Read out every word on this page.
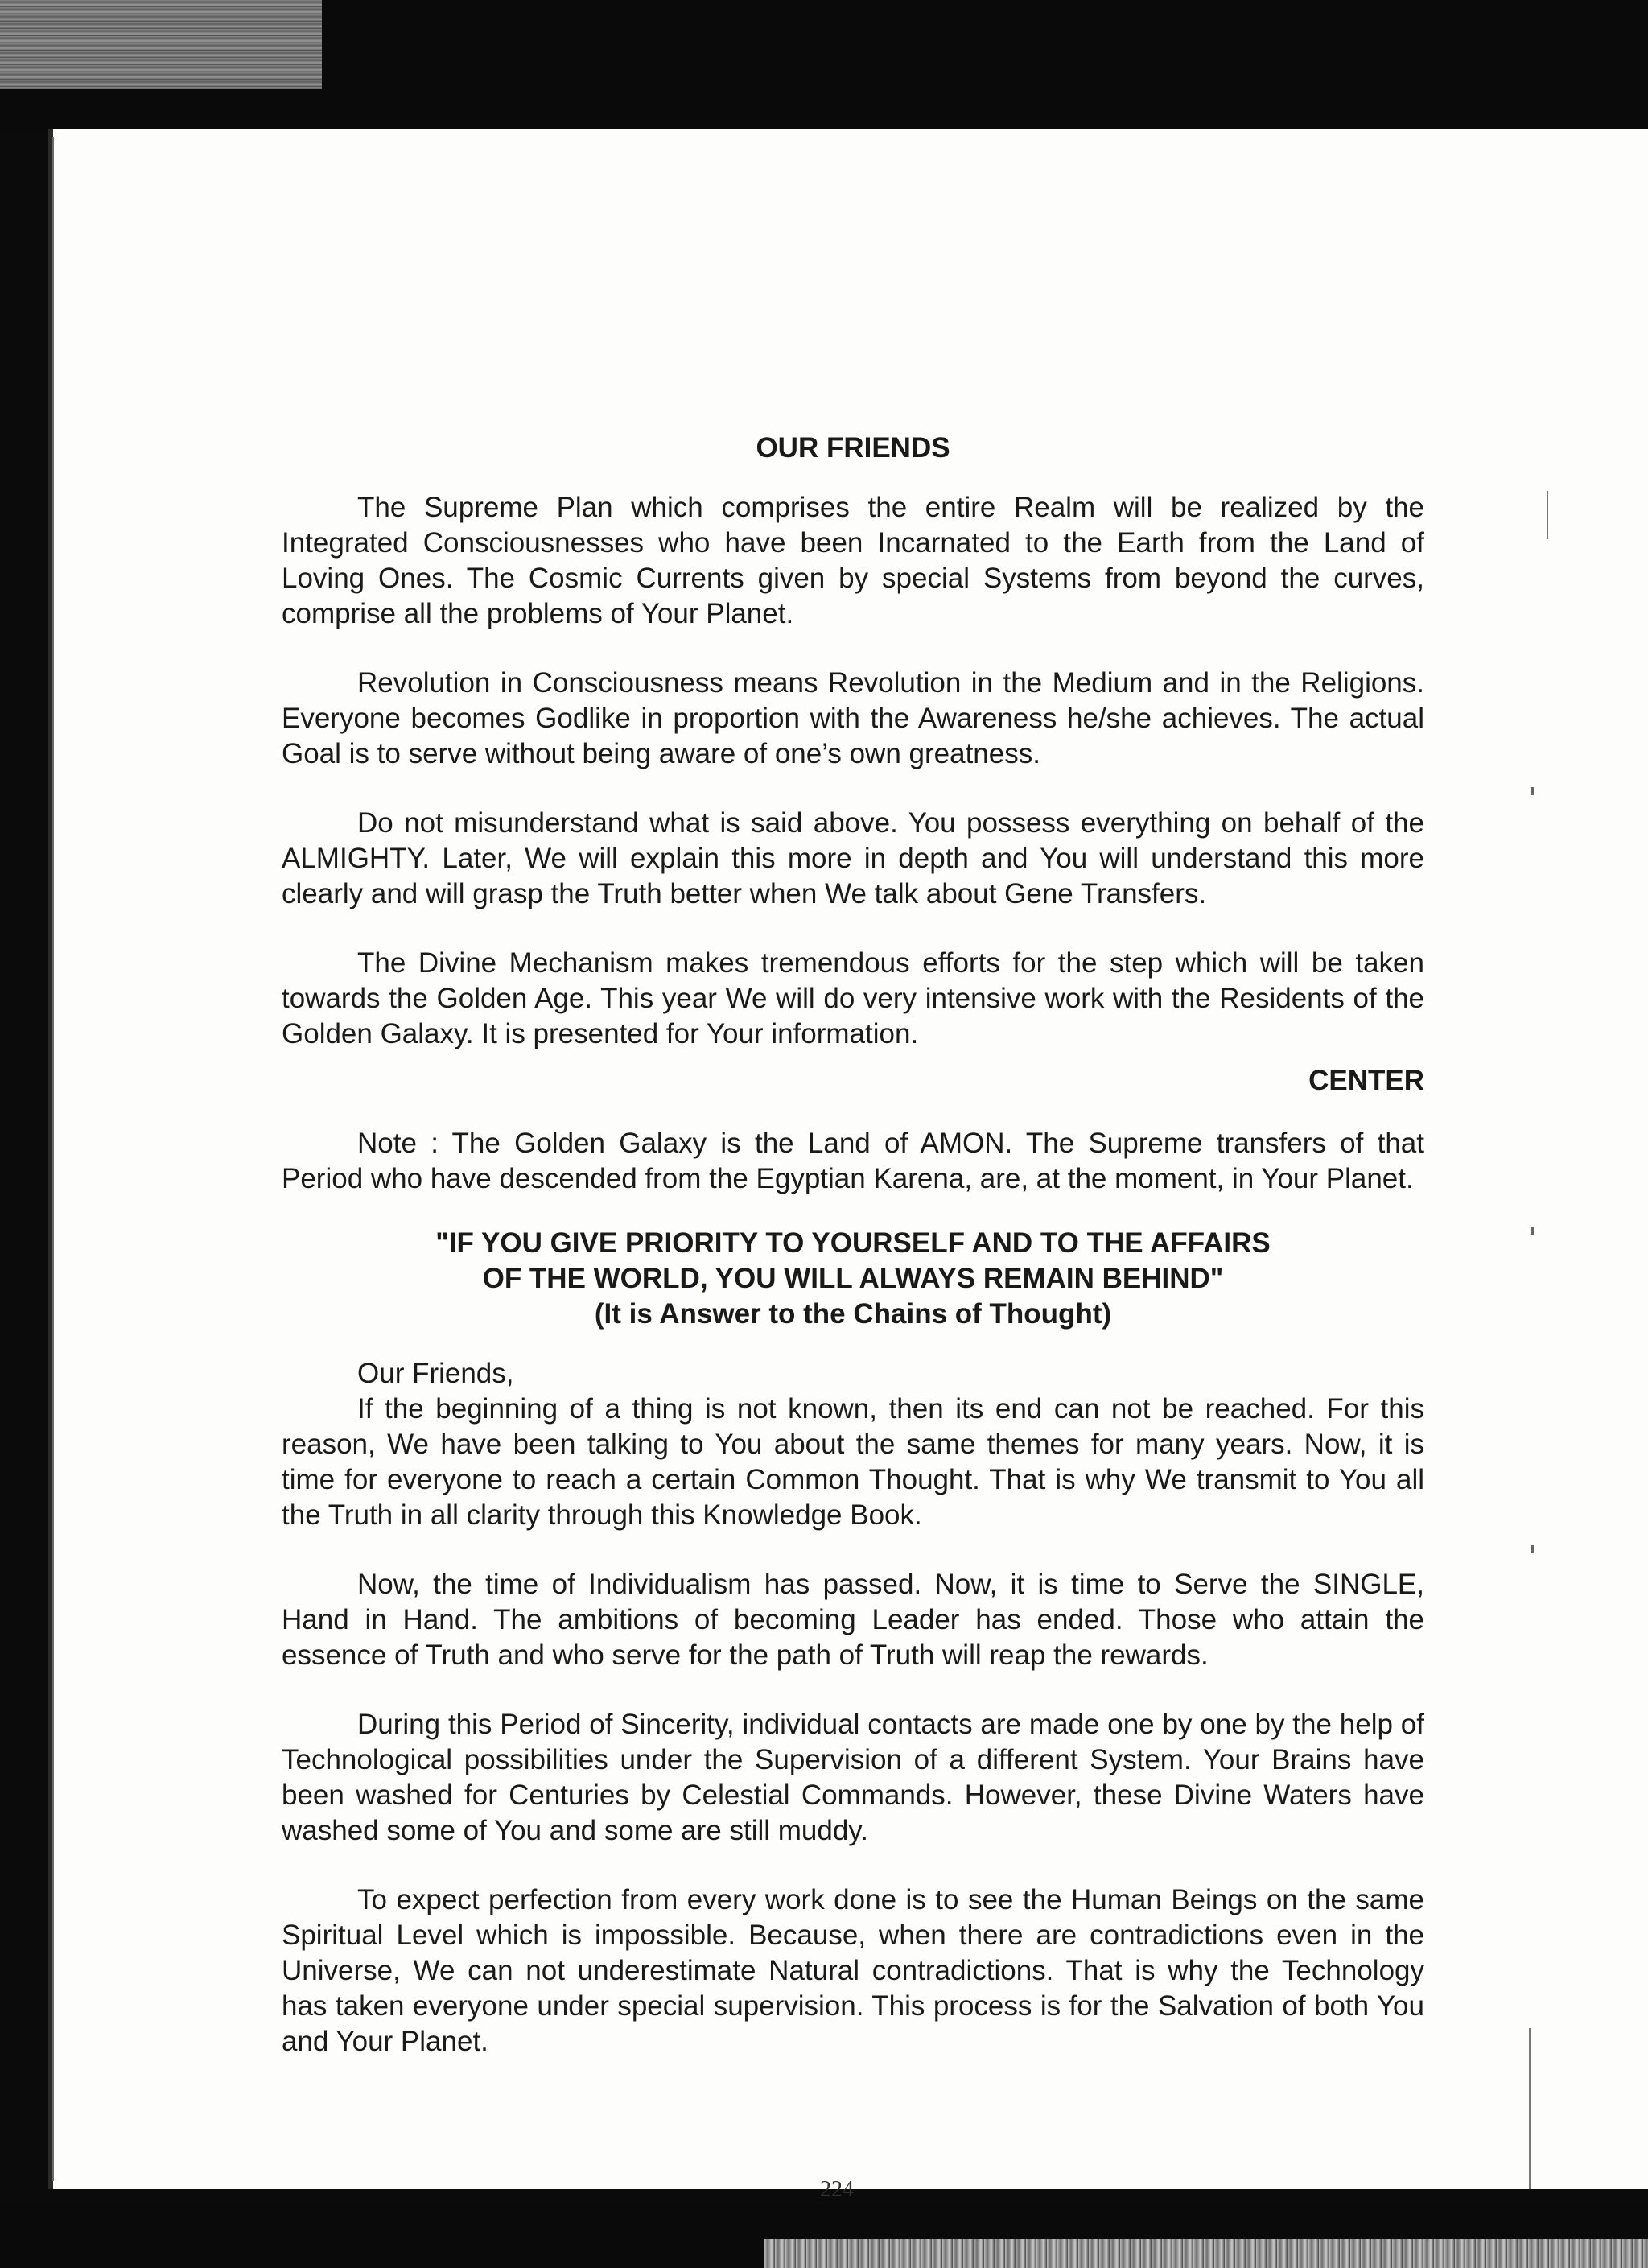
OUR FRIENDS

The Supreme Plan which comprises the entire Realm will be realized by the Integrated Consciousnesses who have been Incarnated to the Earth from the Land of Loving Ones. The Cosmic Currents given by special Systems from beyond the curves, comprise all the problems of Your Planet.

Revolution in Consciousness means Revolution in the Medium and in the Religions. Everyone becomes Godlike in proportion with the Awareness he/she achieves. The actual Goal is to serve without being aware of one’s own greatness.

Do not misunderstand what is said above. You possess everything on behalf of the ALMIGHTY. Later, We will explain this more in depth and You will understand this more clearly and will grasp the Truth better when We talk about Gene Transfers.

The Divine Mechanism makes tremendous efforts for the step which will be taken towards the Golden Age. This year We will do very intensive work with the Residents of the Golden Galaxy. It is presented for Your information.

CENTER

Note : The Golden Galaxy is the Land of AMON. The Supreme transfers of that Period who have descended from the Egyptian Karena, are, at the moment, in Your Planet.

"IF YOU GIVE PRIORITY TO YOURSELF AND TO THE AFFAIRS
OF THE WORLD, YOU WILL ALWAYS REMAIN BEHIND"
(It is Answer to the Chains of Thought)

Our Friends,

If the beginning of a thing is not known, then its end can not be reached. For this reason, We have been talking to You about the same themes for many years. Now, it is time for everyone to reach a certain Common Thought. That is why We transmit to You all the Truth in all clarity through this Knowledge Book.

Now, the time of Individualism has passed. Now, it is time to Serve the SINGLE, Hand in Hand. The ambitions of becoming Leader has ended. Those who attain the essence of Truth and who serve for the path of Truth will reap the rewards.

During this Period of Sincerity, individual contacts are made one by one by the help of Technological possibilities under the Supervision of a different System. Your Brains have been washed for Centuries by Celestial Commands. However, these Divine Waters have washed some of You and some are still muddy.

To expect perfection from every work done is to see the Human Beings on the same Spiritual Level which is impossible. Because, when there are contradictions even in the Universe, We can not underestimate Natural contradictions. That is why the Technology has taken everyone under special supervision. This process is for the Salvation of both You and Your Planet.

224
